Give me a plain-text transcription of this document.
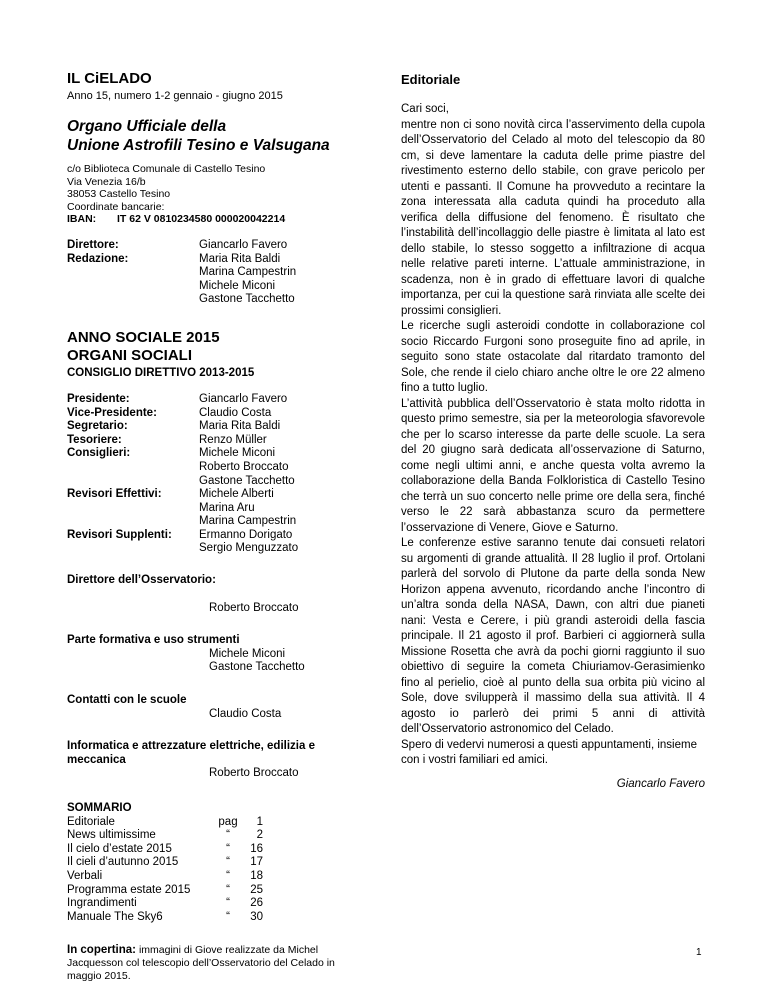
IL CiELADO
Anno 15, numero 1-2 gennaio - giugno 2015
Organo Ufficiale della
Unione Astrofili Tesino e Valsugana
c/o Biblioteca Comunale di Castello Tesino
Via Venezia 16/b
38053 Castello Tesino
Coordinate bancarie:
IBAN: IT 62 V 0810234580 000020042214
Direttore:	Giancarlo Favero
Redazione:	Maria Rita Baldi
Marina Campestrin
Michele Miconi
Gastone Tacchetto
ANNO SOCIALE 2015
ORGANI SOCIALI
CONSIGLIO DIRETTIVO 2013-2015
Presidente:	Giancarlo Favero
Vice-Presidente:	Claudio Costa
Segretario:	Maria Rita Baldi
Tesoriere:	Renzo Müller
Consiglieri:	Michele Miconi
Roberto Broccato
Gastone Tacchetto
Revisori Effettivi:	Michele Alberti
Marina Aru
Marina Campestrin
Revisori Supplenti:	Ermanno Dorigato
Sergio Menguzzato
Direttore dell’Osservatorio:
Roberto Broccato
Parte formativa e uso strumenti
Michele Miconi
Gastone Tacchetto
Contatti con le scuole
Claudio Costa
Informatica e attrezzature elettriche, edilizia e
meccanica
Roberto Broccato
SOMMARIO
Editoriale	pag	1
News ultimissime	“	2
Il cielo d’estate 2015	“	16
Il cieli d’autunno 2015	“	17
Verbali	“	18
Programma estate 2015	“	25
Ingrandimenti	“	26
Manuale The Sky6	“	30
In copertina: immagini di Giove realizzate da Michel Jacquesson col telescopio dell’Osservatorio del Celado in maggio 2015.
Editoriale
Cari soci,

mentre non ci sono novità circa l’asservimento della cupola dell’Osservatorio del Celado al moto del telescopio da 80 cm, si deve lamentare la caduta delle prime piastre del rivestimento esterno dello stabile, con grave pericolo per utenti e passanti. Il Comune ha provveduto a recintare la zona interessata alla caduta quindi ha proceduto alla verifica della diffusione del fenomeno. È risultato che l’instabilità dell’incollaggio delle piastre è limitata al lato est dello stabile, lo stesso soggetto a infiltrazione di acqua nelle relative pareti interne. L’attuale amministrazione, in scadenza, non è in grado di effettuare lavori di qualche importanza, per cui la questione sarà rinviata alle scelte dei prossimi consiglieri.

Le ricerche sugli asteroidi condotte in collaborazione col socio Riccardo Furgoni sono proseguite fino ad aprile, in seguito sono state ostacolate dal ritardato tramonto del Sole, che rende il cielo chiaro anche oltre le ore 22 almeno fino a tutto luglio.

L’attività pubblica dell’Osservatorio è stata molto ridotta in questo primo semestre, sia per la meteorologia sfavorevole che per lo scarso interesse da parte delle scuole. La sera del 20 giugno sarà dedicata all’osservazione di Saturno, come negli ultimi anni, e anche questa volta avremo la collaborazione della Banda Folkloristica di Castello Tesino che terrà un suo concerto nelle prime ore della sera, finché verso le 22 sarà abbastanza scuro da permettere l’osservazione di Venere, Giove e Saturno.

Le conferenze estive saranno tenute dai consueti relatori su argomenti di grande attualità. Il 28 luglio il prof. Ortolani parlerà del sorvolo di Plutone da parte della sonda New Horizon appena avvenuto, ricordando anche l’incontro di un’altra sonda della NASA, Dawn, con altri due pianeti nani: Vesta e Cerere, i più grandi asteroidi della fascia principale. Il 21 agosto il prof. Barbieri ci aggiornerà sulla Missione Rosetta che avrà da pochi giorni raggiunto il suo obiettivo di seguire la cometa Chiuriamov-Gerasimienko fino al perielio, cioè al punto della sua orbita più vicino al Sole, dove svilupperà il massimo della sua attività. Il 4 agosto io parlerò dei primi 5 anni di attività dell’Osservatorio astronomico del Celado.

Spero di vedervi numerosi a questi appuntamenti, insieme con i vostri familiari ed amici.

Giancarlo Favero
1
